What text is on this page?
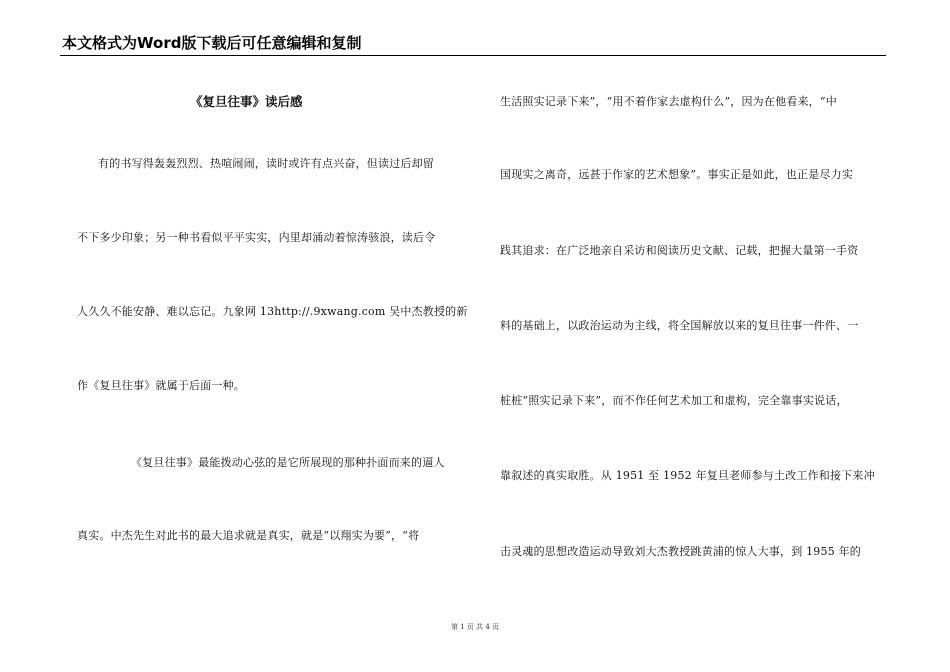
本文格式为Word版下载后可任意编辑和复制
《复旦往事》读后感
有的书写得轰轰烈烈、热喧闹闹，读时或许有点兴奋，但读过后却留
不下多少印象；另一种书看似平平实实，内里却涌动着惊涛骇浪，读后令
人久久不能安静、难以忘记。九象网 13http://.9xwang.com 吴中杰教授的新
作《复旦往事》就属于后面一种。
《复旦往事》最能拨动心弦的是它所展现的那种扑面而来的逼人
真实。中杰先生对此书的最大追求就是真实，就是“以翔实为要”，“将
生活照实记录下来”，“用不着作家去虚构什么”，因为在他看来，“中
国现实之离奇，远甚于作家的艺术想象”。事实正是如此，也正是尽力实
践其追求：在广泛地亲自采访和阅读历史文献、记载，把握大量第一手资
料的基础上，以政治运动为主线，将全国解放以来的复旦往事一件件、一
桩桩“照实记录下来”，而不作任何艺术加工和虚构，完全靠事实说话，
靠叙述的真实取胜。从 1951 至 1952 年复旦老师参与土改工作和接下来冲
击灵魂的思想改造运动导致刘大杰教授跳黄浦的惊人大事，到 1955 年的
第 1 页 共 4 页
